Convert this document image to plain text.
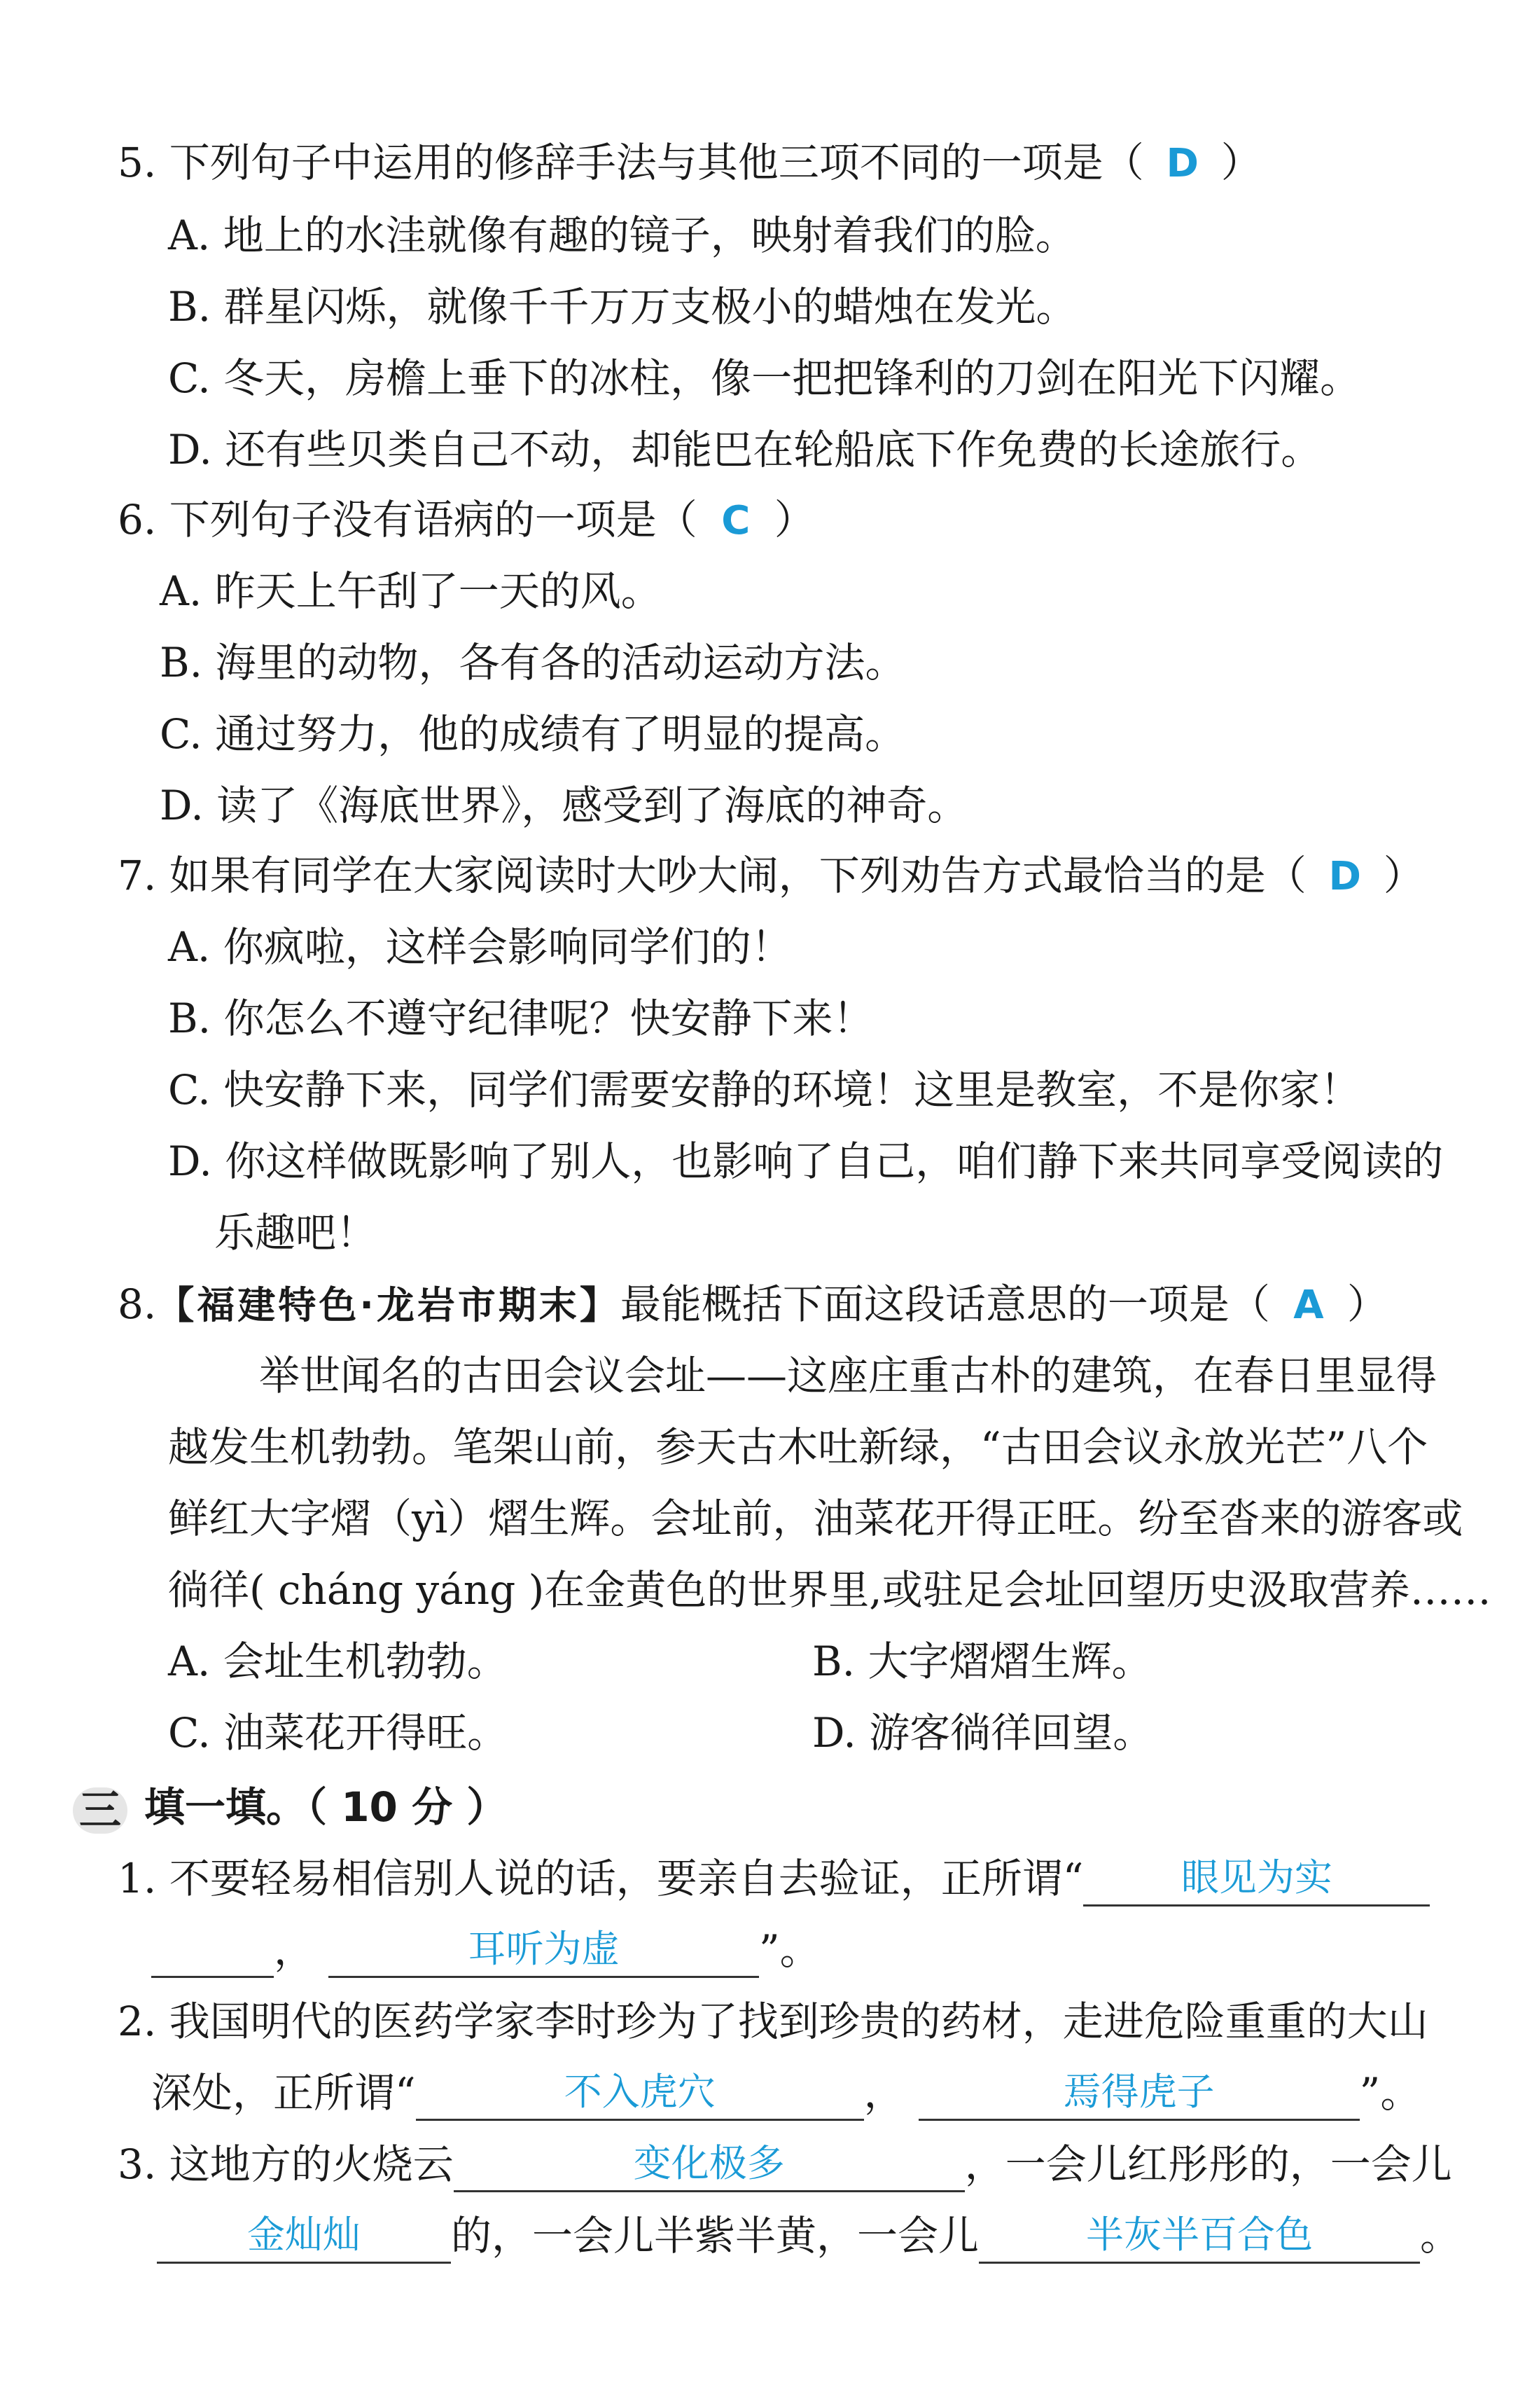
5. 下列句子中运用的修辞手法与其他三项不同的一项是（ D ）
A. 地上的水洼就像有趣的镜子，映射着我们的脸。
B. 群星闪烁，就像千千万万支极小的蜡烛在发光。
C. 冬天，房檐上垂下的冰柱，像一把把锋利的刀剑在阳光下闪耀。
D. 还有些贝类自己不动，却能巴在轮船底下作免费的长途旅行。
6. 下列句子没有语病的一项是（ C ）
A. 昨天上午刮了一天的风。
B. 海里的动物，各有各的活动运动方法。
C. 通过努力，他的成绩有了明显的提高。
D. 读了《海底世界》，感受到了海底的神奇。
7. 如果有同学在大家阅读时大吵大闹，下列劝告方式最恰当的是（ D ）
A. 你疯啦，这样会影响同学们的！
B. 你怎么不遵守纪律呢？快安静下来！
C. 快安静下来，同学们需要安静的环境！这里是教室，不是你家！
D. 你这样做既影响了别人，也影响了自己，咱们静下来共同享受阅读的
乐趣吧！
8.【福建特色·龙岩市期末】最能概括下面这段话意思的一项是（ A ）
举世闻名的古田会议会址——这座庄重古朴的建筑，在春日里显得
越发生机勃勃。笔架山前，参天古木吐新绿，“古田会议永放光芒”八个
鲜红大字熠（yì）熠生辉。会址前，油菜花开得正旺。纷至沓来的游客或
徜徉( cháng yáng )在金黄色的世界里,或驻足会址回望历史汲取营养……
A. 会址生机勃勃。	B. 大字熠熠生辉。
C. 油菜花开得旺。	D. 游客徜徉回望。
三 填一填。（ 10 分 ）
1. 不要轻易相信别人说的话，要亲自去验证，正所谓“	眼见为实
，	耳听为虚	”。
2. 我国明代的医药学家李时珍为了找到珍贵的药材，走进危险重重的大山
深处，正所谓“	不入虎穴	，	焉得虎子	”。
3. 这地方的火烧云	变化极多	，一会儿红彤彤的，一会儿
金灿灿	的，一会儿半紫半黄，一会儿	半灰半百合色	。
